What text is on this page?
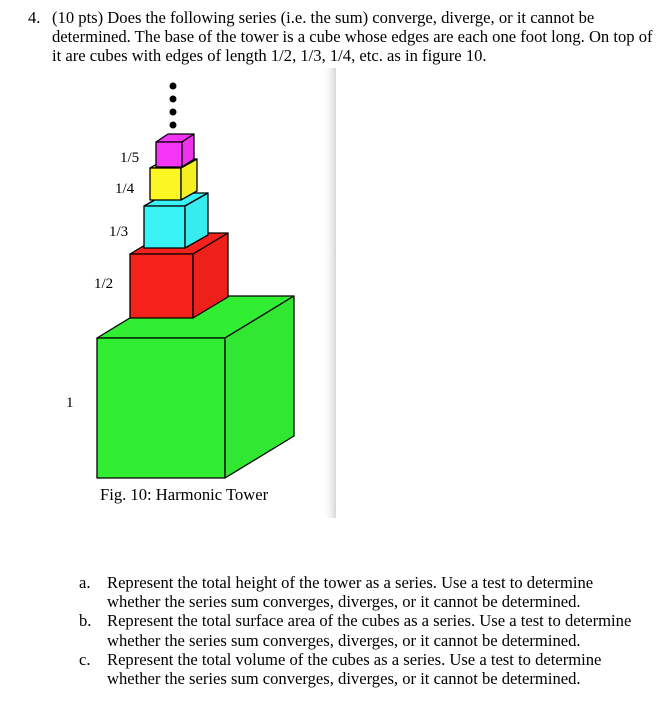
4. (10 pts) Does the following series (i.e. the sum) converge, diverge, or it cannot be determined. The base of the tower is a cube whose edges are each one foot long. On top of it are cubes with edges of length 1/2, 1/3, 1/4, etc. as in figure 10.
1
1/2
1/3
1/4
1/5
Fig. 10: Harmonic Tower
a. Represent the total height of the tower as a series. Use a test to determine whether the series sum converges, diverges, or it cannot be determined.
b. Represent the total surface area of the cubes as a series. Use a test to determine whether the series sum converges, diverges, or it cannot be determined.
c. Represent the total volume of the cubes as a series. Use a test to determine whether the series sum converges, diverges, or it cannot be determined.
